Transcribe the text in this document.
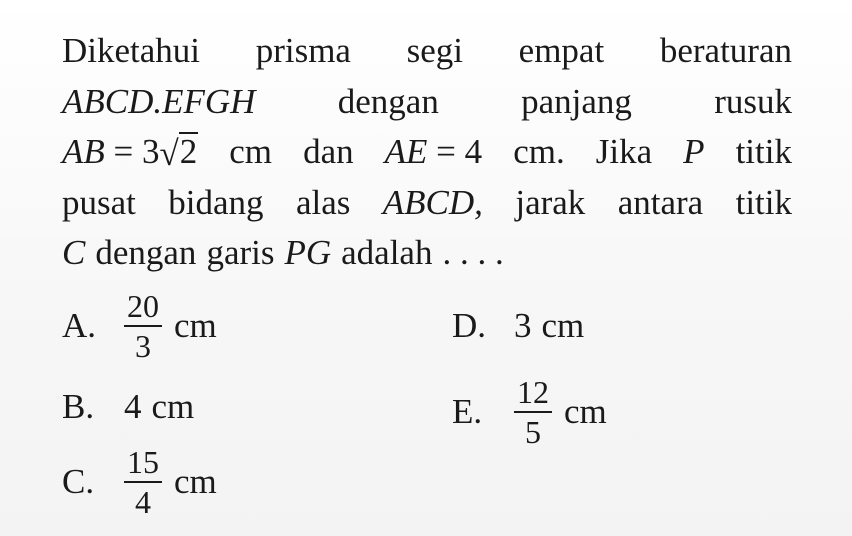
Diketahui prisma segi empat beraturan
ABCD.EFGH dengan panjang rusuk
AB = 3√2 cm dan AE = 4 cm. Jika P titik
pusat bidang alas ABCD, jarak antara titik
C dengan garis PG adalah . . . .
A. $\frac{20}{3}$ cm
B. 4 cm
C. $\frac{15}{4}$ cm
D. 3 cm
E. $\frac{12}{5}$ cm
